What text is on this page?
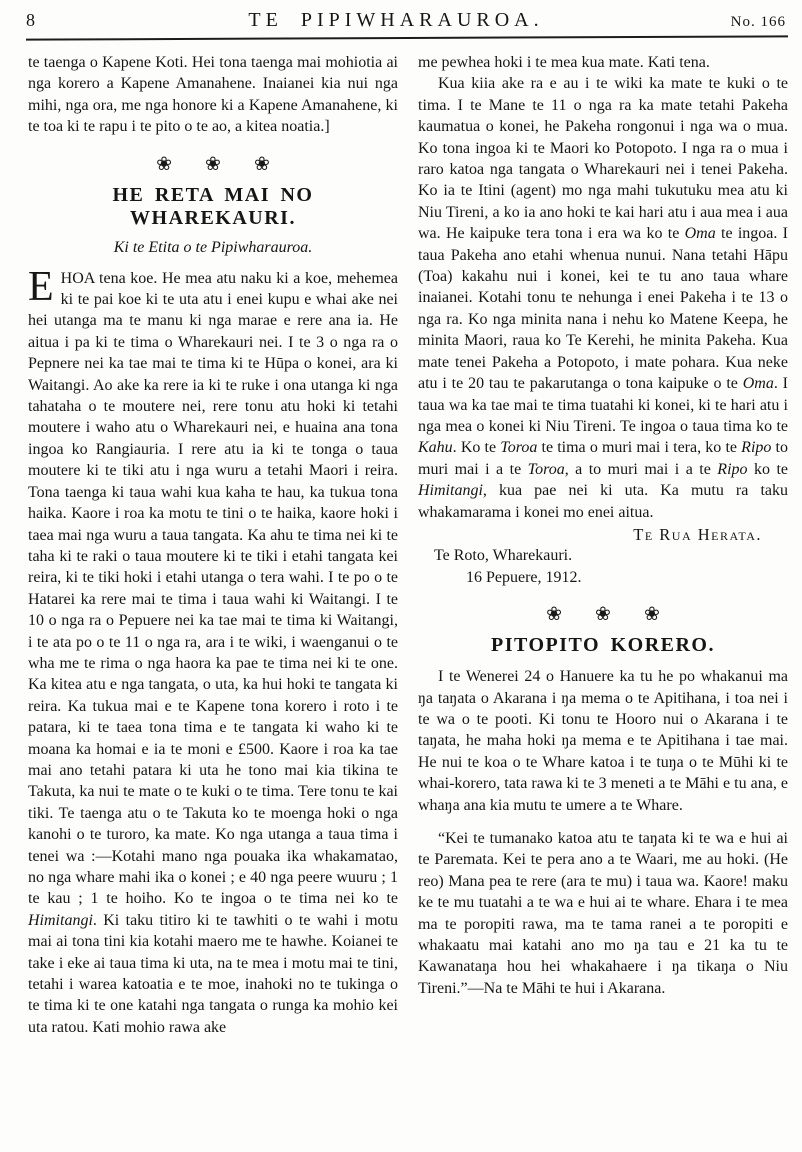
8	TE PIPIWHARAUROA.	No. 166

te taenga o Kapene Koti. Hei tona taenga mai mohiotia ai nga korero a Kapene Amanahene. Inaianei kia nui nga mihi, nga ora, me nga honore ki a Kapene Amanahene, ki te toa ki te rapu i te pito o te ao, a kitea noatia.]

❀ ❀ ❀
HE RETA MAI NO WHAREKAURI.
Ki te Etita o te Pipiwharauroa.

EHOA tena koe. He mea atu naku ki a koe, mehemea ki te pai koe ki te uta atu i enei kupu e whai ake nei hei utanga ma te manu ki nga marae e rere ana ia. He aitua i pa ki te tima o Wharekauri nei. I te 3 o nga ra o Pepnere nei ka tae mai te tima ki te Hūpa o konei, ara ki Waitangi. Ao ake ka rere ia ki te ruke i ona utanga ki nga tahataha o te moutere nei, rere tonu atu hoki ki tetahi moutere i waho atu o Wharekauri nei, e huaina ana tona ingoa ko Rangiauria. I rere atu ia ki te tonga o taua moutere ki te tiki atu i nga wuru a tetahi Maori i reira. Tona taenga ki taua wahi kua kaha te hau, ka tukua tona haika. Kaore i roa ka motu te tini o te haika, kaore hoki i taea mai nga wuru a taua tangata. Ka ahu te tima nei ki te taha ki te raki o taua moutere ki te tiki i etahi tangata kei reira, ki te tiki hoki i etahi utanga o tera wahi. I te po o te Hatarei ka rere mai te tima i taua wahi ki Waitangi. I te 10 o nga ra o Pepuere nei ka tae mai te tima ki Waitangi, i te ata po o te 11 o nga ra, ara i te wiki, i waenganui o te wha me te rima o nga haora ka pae te tima nei ki te one. Ka kitea atu e nga tangata, o uta, ka hui hoki te tangata ki reira. Ka tukua mai e te Kapene tona korero i roto i te patara, ki te taea tona tima e te tangata ki waho ki te moana ka homai e ia te moni e £500. Kaore i roa ka tae mai ano tetahi patara ki uta he tono mai kia tikina te Takuta, ka nui te mate o te kuki o te tima. Tere tonu te kai tiki. Te taenga atu o te Takuta ko te moenga hoki o nga kanohi o te turoro, ka mate. Ko nga utanga a taua tima i tenei wa :—Kotahi mano nga pouaka ika whakamatao, no nga whare mahi ika o konei ; e 40 nga peere wuuru ; 1 te kau ; 1 te hoiho. Ko te ingoa o te tima nei ko te Himitangi. Ki taku titiro ki te tawhiti o te wahi i motu mai ai tona tini kia kotahi maero me te hawhe. Koianei te take i eke ai taua tima ki uta, na te mea i motu mai te tini, tetahi i warea katoatia e te moe, inahoki no te tukinga o te tima ki te one katahi nga tangata o runga ka mohio kei uta ratou. Kati mohio rawa ake

me pewhea hoki i te mea kua mate. Kati tena.

Kua kiia ake ra e au i te wiki ka mate te kuki o te tima. I te Mane te 11 o nga ra ka mate tetahi Pakeha kaumatua o konei, he Pakeha rongonui i nga wa o mua. Ko tona ingoa ki te Maori ko Potopoto. I nga ra o mua i raro katoa nga tangata o Wharekauri nei i tenei Pakeha. Ko ia te Itini (agent) mo nga mahi tukutuku mea atu ki Niu Tireni, a ko ia ano hoki te kai hari atu i aua mea i aua wa. He kaipuke tera tona i era wa ko te Oma te ingoa. I taua Pakeha ano etahi whenua nunui. Nana tetahi Hāpu (Toa) kakahu nui i konei, kei te tu ano taua whare inaianei. Kotahi tonu te nehunga i enei Pakeha i te 13 o nga ra. Ko nga minita nana i nehu ko Matene Keepa, he minita Maori, raua ko Te Kerehi, he minita Pakeha. Kua mate tenei Pakeha a Potopoto, i mate pohara. Kua neke atu i te 20 tau te pakarutanga o tona kaipuke o te Oma. I taua wa ka tae mai te tima tuatahi ki konei, ki te hari atu i nga mea o konei ki Niu Tireni. Te ingoa o taua tima ko te Kahu. Ko te Toroa te tima o muri mai i tera, ko te Ripo to muri mai i a te Toroa, a to muri mai i a te Ripo ko te Himitangi, kua pae nei ki uta. Ka mutu ra taku whakamarama i konei mo enei aitua.

Te Rua Herata.
Te Roto, Wharekauri.
16 Pepuere, 1912.
❀ ❀ ❀
PITOPITO KORERO.

I te Wenerei 24 o Hanuere ka tu he po whakanui ma ŋa taŋata o Akarana i ŋa mema o te Apitihana, i toa nei i te wa o te pooti. Ki tonu te Hooro nui o Akarana i te taŋata, he maha hoki ŋa mema e te Apitihana i tae mai. He nui te koa o te Whare katoa i te tuŋa o te Mūhi ki te whai-korero, tata rawa ki te 3 meneti a te Māhi e tu ana, e whaŋa ana kia mutu te umere a te Whare.

“Kei te tumanako katoa atu te taŋata ki te wa e hui ai te Paremata. Kei te pera ano a te Waari, me au hoki. (He reo) Mana pea te rere (ara te mu) i taua wa. Kaore! maku ke te mu tuatahi a te wa e hui ai te whare. Ehara i te mea ma te poropiti rawa, ma te tama ranei a te poropiti e whakaatu mai katahi ano mo ŋa tau e 21 ka tu te Kawanataŋa hou hei whakahaere i ŋa tikaŋa o Niu Tireni.”—Na te Māhi te hui i Akarana.
